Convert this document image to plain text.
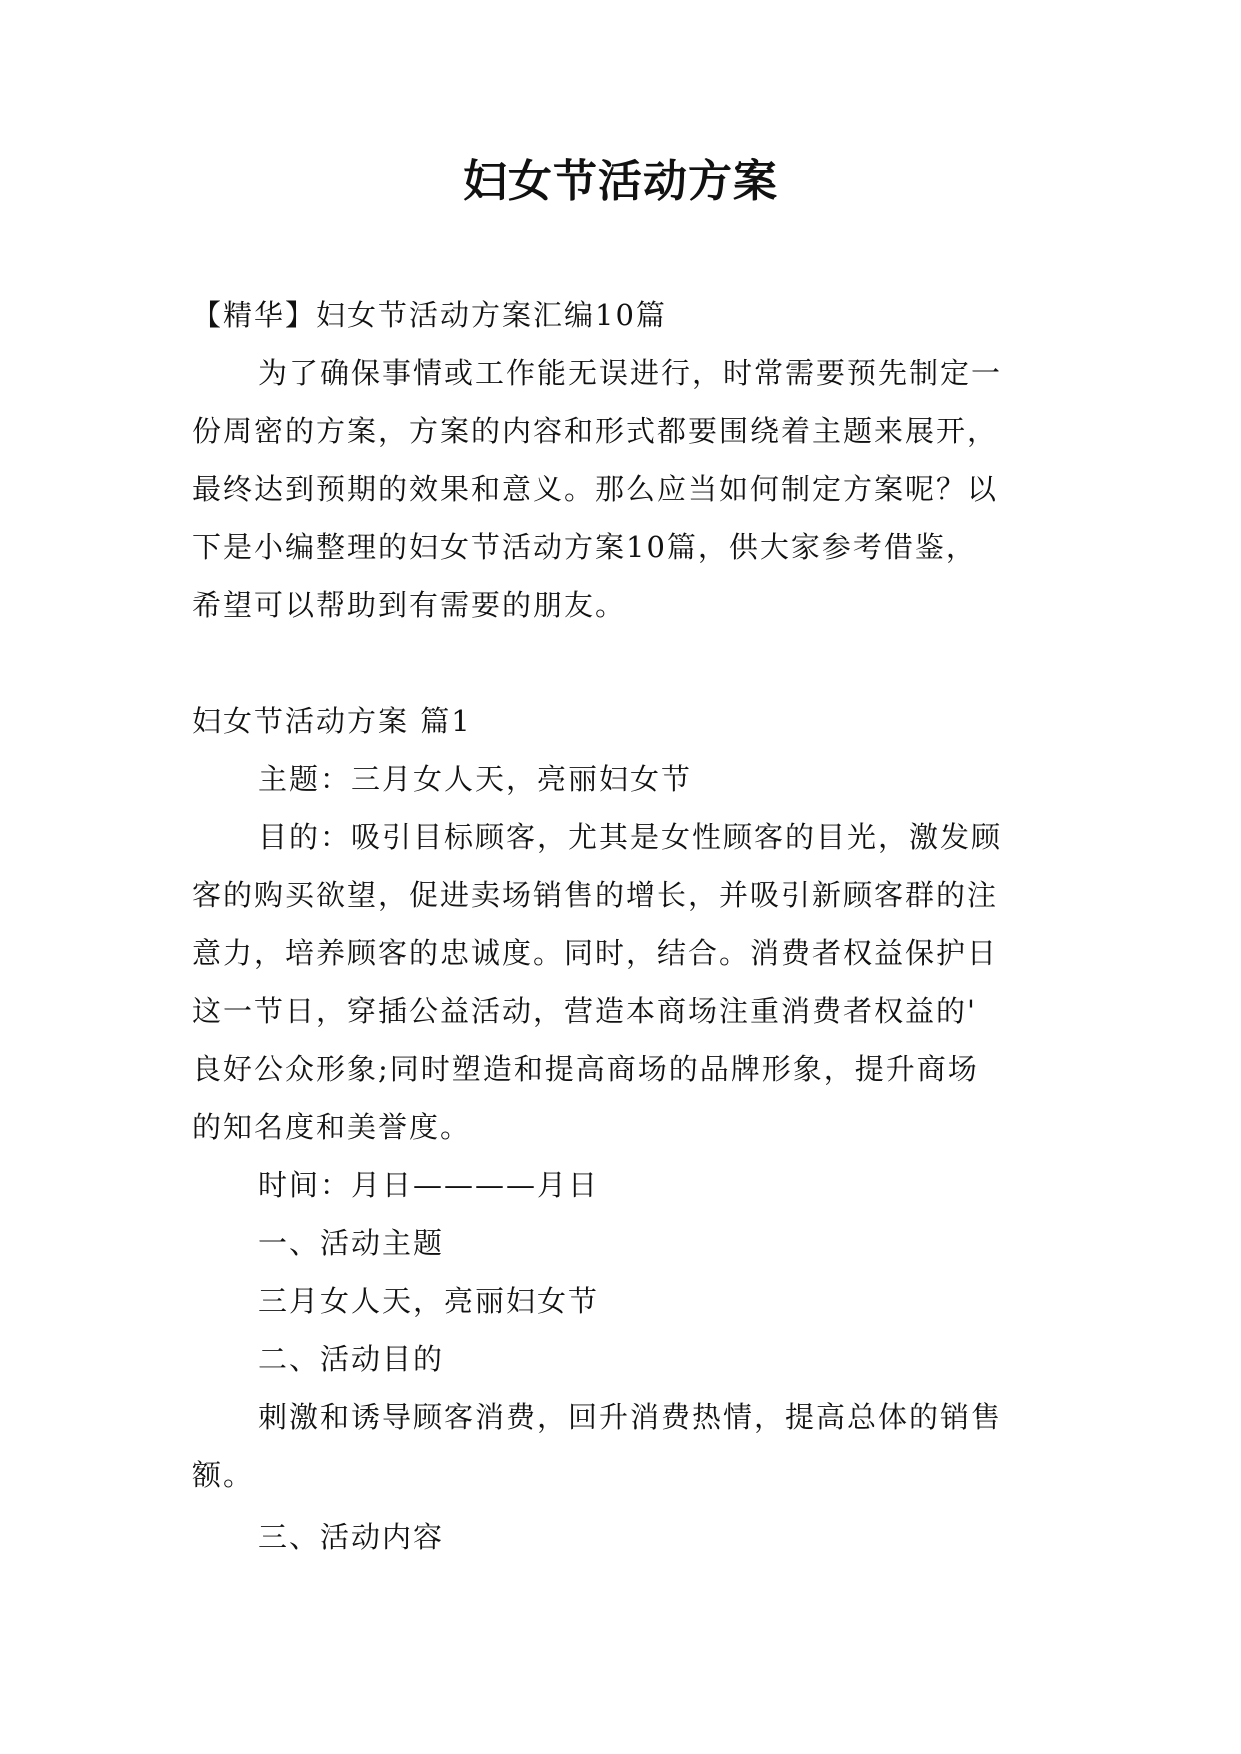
妇女节活动方案

【精华】妇女节活动方案汇编10篇

为了确保事情或工作能无误进行，时常需要预先制定一
份周密的方案，方案的内容和形式都要围绕着主题来展开，
最终达到预期的效果和意义。那么应当如何制定方案呢？以
下是小编整理的妇女节活动方案10篇，供大家参考借鉴，
希望可以帮助到有需要的朋友。

妇女节活动方案 篇1

主题：三月女人天，亮丽妇女节

目的：吸引目标顾客，尤其是女性顾客的目光，激发顾
客的购买欲望，促进卖场销售的增长，并吸引新顾客群的注
意力，培养顾客的忠诚度。同时，结合。消费者权益保护日
这一节日，穿插公益活动，营造本商场注重消费者权益的'
良好公众形象;同时塑造和提高商场的品牌形象，提升商场
的知名度和美誉度。

时间：月日————月日

一、活动主题

三月女人天，亮丽妇女节

二、活动目的

刺激和诱导顾客消费，回升消费热情，提高总体的销售
额。

三、活动内容
